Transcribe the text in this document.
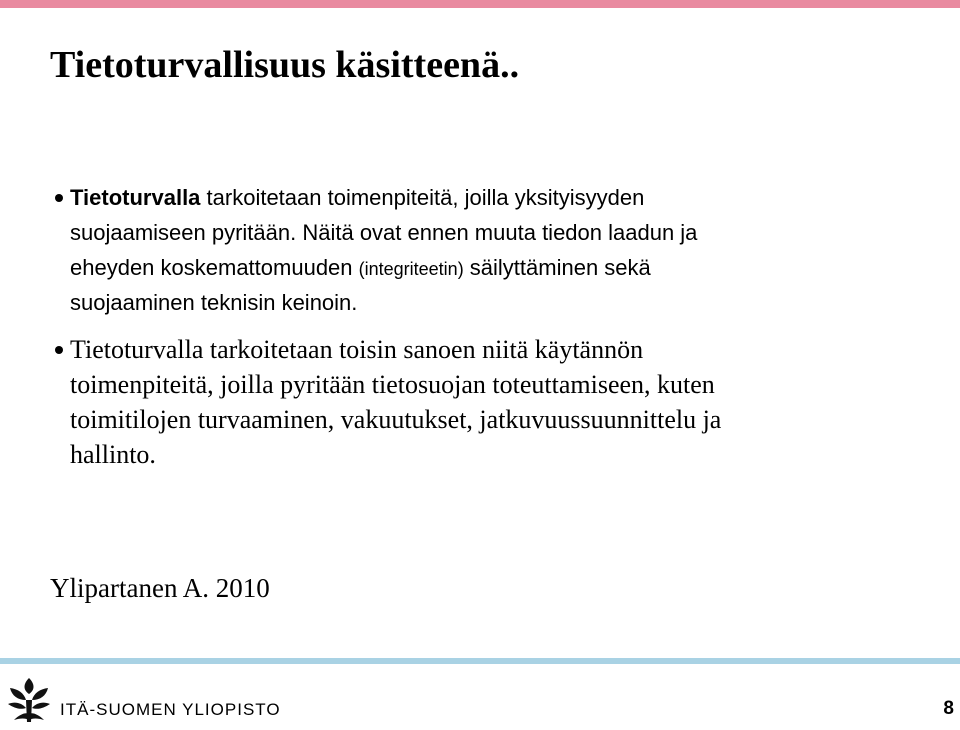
Tietoturvallisuus käsitteenä..
Tietoturvalla tarkoitetaan toimenpiteitä, joilla yksityisyyden
suojaamiseen pyritään. Näitä ovat ennen muuta tiedon laadun ja
eheyden koskemattomuuden (integriteetin) säilyttäminen sekä
suojaaminen teknisin keinoin.
Tietoturvalla tarkoitetaan toisin sanoen niitä käytännön
toimenpiteitä, joilla pyritään tietosuojan toteuttamiseen, kuten
toimitilojen turvaaminen, vakuutukset, jatkuvuussuunnittelu ja
hallinto.
Ylipartanen A. 2010
ITÄ-SUOMEN YLIOPISTO	8
